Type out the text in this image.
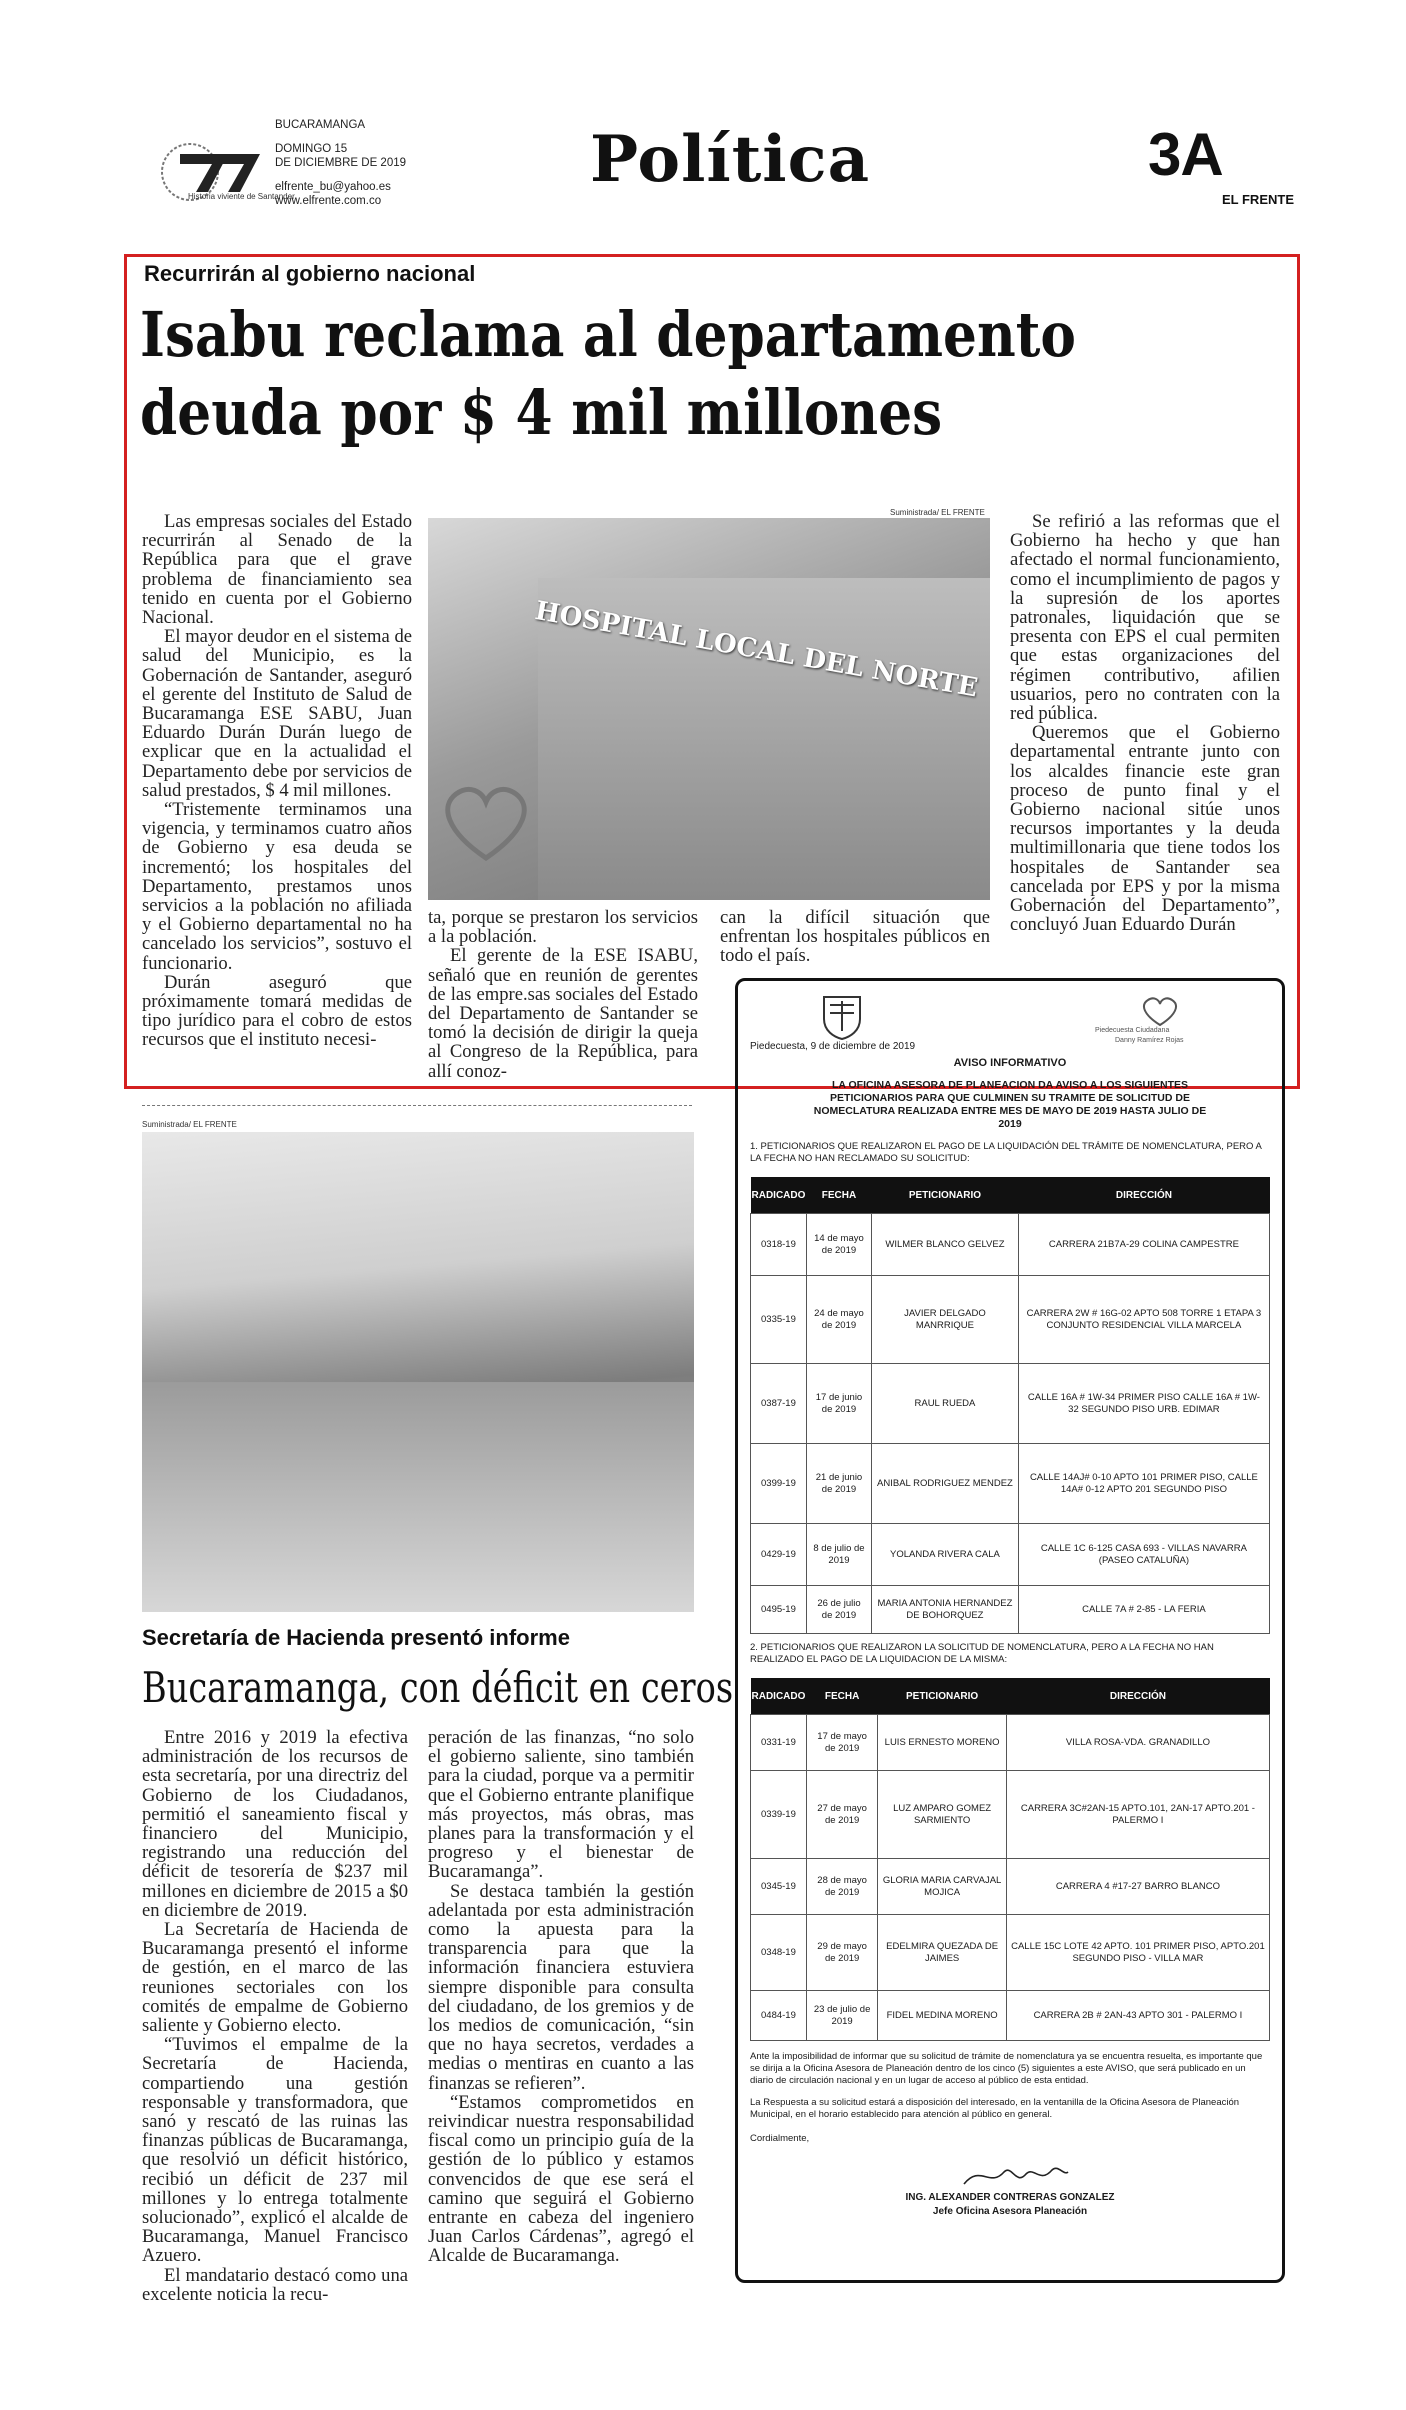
Historia viviente de Santander
BUCARAMANGA
DOMINGO 15
DE DICIEMBRE DE 2019
elfrente_bu@yahoo.es
www.elfrente.com.co
Política	3A
EL FRENTE
Recurrirán al gobierno nacional
Isabu reclama al departamento
deuda por $ 4 mil millones

Las empresas sociales del Estado recurrirán al Senado de la República para que el grave problema de financiamiento sea tenido en cuenta por el Gobierno Nacional.

El mayor deudor en el sistema de salud del Municipio, es la Gobernación de Santander, aseguró el gerente del Instituto de Salud de Bucaramanga ESE SABU, Juan Eduardo Durán Durán luego de explicar que en la actualidad el Departamento debe por servicios de salud prestados, $ 4 mil millones.

“Tristemente terminamos una vigencia, y terminamos cuatro años de Gobierno y esa deuda se incrementó; los hospitales del Departamento, prestamos unos servicios a la población no afiliada y el Gobierno departamental no ha cancelado los servicios”, sostuvo el funcionario.

Durán aseguró que próximamente tomará medidas de tipo jurídico para el cobro de estos recursos que el instituto necesi-

Suministrada/ EL FRENTE
HOSPITAL LOCAL DEL NORTE

ta, porque se prestaron los servicios a la población.

El gerente de la ESE ISABU, señaló que en reunión de gerentes de las empre.sas sociales del Estado del Departamento de Santander se tomó la decisión de dirigir la queja al Congreso de la República, para allí conoz-

can la difícil situación que enfrentan los hospitales públicos en todo el país.

Se refirió a las reformas que el Gobierno ha hecho y que han afectado el normal funcionamiento, como el incumplimiento de pagos y la supresión de los aportes patronales, liquidación que se presenta con EPS el cual permiten que estas organizaciones del régimen contributivo, afilien usuarios, pero no contraten con la red pública.

Queremos que el Gobierno departamental entrante junto con los alcaldes financie este gran proceso de punto final y el Gobierno nacional sitúe unos recursos importantes y la deuda multimillonaria que tiene todos los hospitales de Santander sea cancelada por EPS y por la misma Gobernación del Departamento”, concluyó Juan Eduardo Durán

Suministrada/ EL FRENTE
Secretaría de Hacienda presentó informe
Bucaramanga, con déficit en ceros

Entre 2016 y 2019 la efectiva administración de los recursos de esta secretaría, por una directriz del Gobierno de los Ciudadanos, permitió el saneamiento fiscal y financiero del Municipio, registrando una reducción del déficit de tesorería de $237 mil millones en diciembre de 2015 a $0 en diciembre de 2019.

La Secretaría de Hacienda de Bucaramanga presentó el informe de gestión, en el marco de las reuniones sectoriales con los comités de empalme de Gobierno saliente y Gobierno electo.

“Tuvimos el empalme de la Secretaría de Hacienda, compartiendo una gestión responsable y transformadora, que sanó y rescató de las ruinas las finanzas públicas de Bucaramanga, que resolvió un déficit histórico, recibió un déficit de 237 mil millones y lo entrega totalmente solucionado”, explicó el alcalde de Bucaramanga, Manuel Francisco Azuero.

El mandatario destacó como una excelente noticia la recu-

peración de las finanzas, “no solo el gobierno saliente, sino también para la ciudad, porque va a permitir que el Gobierno entrante planifique más proyectos, más obras, mas planes para la transformación y el progreso y el bienestar de Bucaramanga”.

Se destaca también la gestión adelantada por esta administración como la apuesta para la transparencia para que la información financiera estuviera siempre disponible para consulta del ciudadano, de los gremios y de los medios de comunicación, “sin que no haya secretos, verdades a medias o mentiras en cuanto a las finanzas se refieren”.

“Estamos comprometidos en reivindicar nuestra responsabilidad fiscal como un principio guía de la gestión de lo público y estamos convencidos de que ese será el camino que seguirá el Gobierno entrante en cabeza del ingeniero Juan Carlos Cárdenas”, agregó el Alcalde de Bucaramanga.

Piedecuesta, 9 de diciembre de 2019
Piedecuesta Ciudadana
Danny Ramírez Rojas
AVISO INFORMATIVO
LA OFICINA ASESORA DE PLANEACION DA AVISO A LOS SIGUIENTES
PETICIONARIOS PARA QUE CULMINEN SU TRAMITE DE SOLICITUD DE
NOMECLATURA REALIZADA ENTRE MES DE MAYO DE 2019 HASTA JULIO DE
2019
1. PETICIONARIOS QUE REALIZARON EL PAGO DE LA LIQUIDACIÓN DEL TRÁMITE DE NOMENCLATURA, PERO A LA FECHA NO HAN RECLAMADO SU SOLICITUD:
RADICADO	FECHA	PETICIONARIO	DIRECCIÓN
0318-19	14 de mayo de 2019	WILMER BLANCO GELVEZ	CARRERA 21B7A-29 COLINA CAMPESTRE
0335-19	24 de mayo de 2019	JAVIER DELGADO MANRRIQUE	CARRERA 2W # 16G-02 APTO 508 TORRE 1 ETAPA 3 CONJUNTO RESIDENCIAL VILLA MARCELA
0387-19	17 de junio de 2019	RAUL RUEDA	CALLE 16A # 1W-34 PRIMER PISO CALLE 16A # 1W-32 SEGUNDO PISO URB. EDIMAR
0399-19	21 de junio de 2019	ANIBAL RODRIGUEZ MENDEZ	CALLE 14AJ# 0-10 APTO 101 PRIMER PISO, CALLE 14A# 0-12 APTO 201 SEGUNDO PISO
0429-19	8 de julio de 2019	YOLANDA RIVERA CALA	CALLE 1C 6-125 CASA 693 - VILLAS NAVARRA (PASEO CATALUÑA)
0495-19	26 de julio de 2019	MARIA ANTONIA HERNANDEZ DE BOHORQUEZ	CALLE 7A # 2-85 - LA FERIA
2. PETICIONARIOS QUE REALIZARON LA SOLICITUD DE NOMENCLATURA, PERO A LA FECHA NO HAN REALIZADO EL PAGO DE LA LIQUIDACION DE LA MISMA:
RADICADO	FECHA	PETICIONARIO	DIRECCIÓN
0331-19	17 de mayo de 2019	LUIS ERNESTO MORENO	VILLA ROSA-VDA. GRANADILLO
0339-19	27 de mayo de 2019	LUZ AMPARO GOMEZ SARMIENTO	CARRERA 3C#2AN-15 APTO.101, 2AN-17 APTO.201 - PALERMO I
0345-19	28 de mayo de 2019	GLORIA MARIA CARVAJAL MOJICA	CARRERA 4 #17-27 BARRO BLANCO
0348-19	29 de mayo de 2019	EDELMIRA QUEZADA DE JAIMES	CALLE 15C LOTE 42 APTO. 101 PRIMER PISO, APTO.201 SEGUNDO PISO - VILLA MAR
0484-19	23 de julio de 2019	FIDEL MEDINA MORENO	CARRERA 2B # 2AN-43 APTO 301 - PALERMO I
Ante la imposibilidad de informar que su solicitud de trámite de nomenclatura ya se encuentra resuelta, es importante que se dirija a la Oficina Asesora de Planeación dentro de los cinco (5) siguientes a este AVISO, que será publicado en un diario de circulación nacional y en un lugar de acceso al público de esta entidad.
La Respuesta a su solicitud estará a disposición del interesado, en la ventanilla de la Oficina Asesora de Planeación Municipal, en el horario establecido para atención al público en general.
Cordialmente,
ING. ALEXANDER CONTRERAS GONZALEZ
Jefe Oficina Asesora Planeación
